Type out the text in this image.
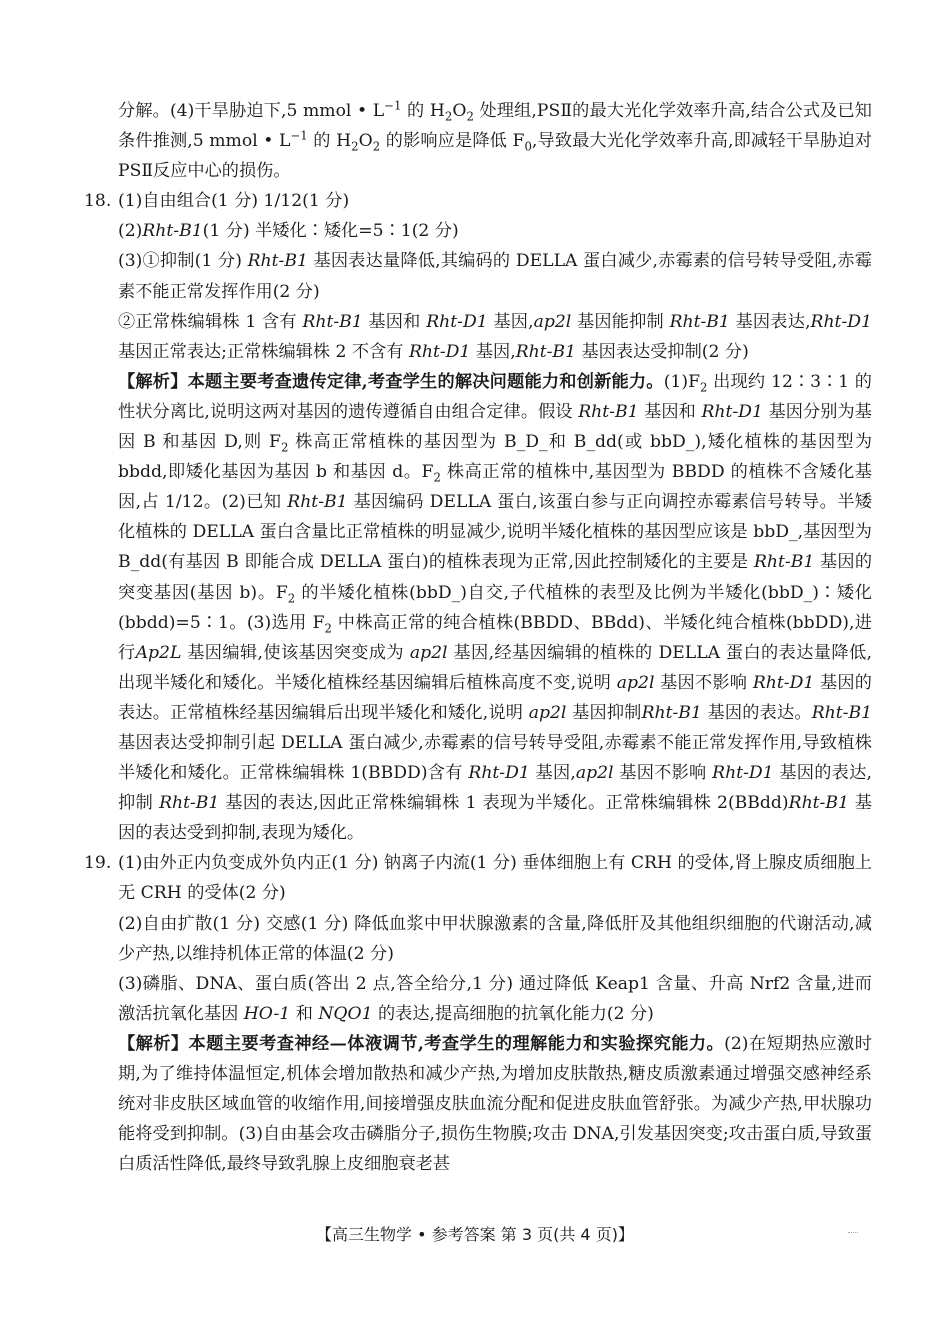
分解。(4)干旱胁迫下,5 mmol • $L^{-1}$ 的 $H_2O_2$ 处理组,PSⅡ的最大光化学效率升高,结合公式及已知条件推测,5 mmol • $L^{-1}$ 的 $H_2O_2$ 的影响应是降低 $F_0$,导致最大光化学效率升高,即减轻干旱胁迫对 PSⅡ反应中心的损伤。

18. (1)自由组合(1 分) 1/12(1 分)

(2)Rht-B1(1 分) 半矮化∶矮化=5∶1(2 分)

(3)①抑制(1 分) Rht-B1 基因表达量降低,其编码的 DELLA 蛋白减少,赤霉素的信号转导受阻,赤霉素不能正常发挥作用(2 分)

②正常株编辑株 1 含有 Rht-B1 基因和 Rht-D1 基因,ap2l 基因能抑制 Rht-B1 基因表达,Rht-D1 基因正常表达;正常株编辑株 2 不含有 Rht-D1 基因,Rht-B1 基因表达受抑制(2 分)

【解析】本题主要考查遗传定律,考查学生的解决问题能力和创新能力。$(1)F_2$ 出现约 12∶3∶1 的性状分离比,说明这两对基因的遗传遵循自由组合定律。假设 Rht-B1 基因和 Rht-D1 基因分别为基因 B 和基因 D,则 $F_2$ 株高正常植株的基因型为 B_D_和 B_dd(或 bbD_),矮化植株的基因型为 bbdd,即矮化基因为基因 b 和基因 d。$F_2$ 株高正常的植株中,基因型为 BBDD 的植株不含矮化基因,占 1/12。(2)已知 Rht-B1 基因编码 DELLA 蛋白,该蛋白参与正向调控赤霉素信号转导。半矮化植株的 DELLA 蛋白含量比正常植株的明显减少,说明半矮化植株的基因型应该是 bbD_,基因型为 B_dd(有基因 B 即能合成 DELLA 蛋白)的植株表现为正常,因此控制矮化的主要是 Rht-B1 基因的突变基因(基因 b)。$F_2$ 的半矮化植株(bbD_)自交,子代植株的表型及比例为半矮化(bbD_)∶矮化(bbdd)=5∶1。(3)选用 $F_2$ 中株高正常的纯合植株(BBDD、BBdd)、半矮化纯合植株(bbDD),进行Ap2L 基因编辑,使该基因突变成为 ap2l 基因,经基因编辑的植株的 DELLA 蛋白的表达量降低,出现半矮化和矮化。半矮化植株经基因编辑后植株高度不变,说明 ap2l 基因不影响 Rht-D1 基因的表达。正常植株经基因编辑后出现半矮化和矮化,说明 ap2l 基因抑制Rht-B1 基因的表达。Rht-B1 基因表达受抑制引起 DELLA 蛋白减少,赤霉素的信号转导受阻,赤霉素不能正常发挥作用,导致植株半矮化和矮化。正常株编辑株 1(BBDD)含有 Rht-D1 基因,ap2l 基因不影响 Rht-D1 基因的表达,抑制 Rht-B1 基因的表达,因此正常株编辑株 1 表现为半矮化。正常株编辑株 2(BBdd)Rht-B1 基因的表达受到抑制,表现为矮化。

19. (1)由外正内负变成外负内正(1 分) 钠离子内流(1 分) 垂体细胞上有 CRH 的受体,肾上腺皮质细胞上无 CRH 的受体(2 分)

(2)自由扩散(1 分) 交感(1 分) 降低血浆中甲状腺激素的含量,降低肝及其他组织细胞的代谢活动,减少产热,以维持机体正常的体温(2 分)

(3)磷脂、DNA、蛋白质(答出 2 点,答全给分,1 分) 通过降低 Keap1 含量、升高 Nrf2 含量,进而激活抗氧化基因 HO-1 和 NQO1 的表达,提高细胞的抗氧化能力(2 分)

【解析】本题主要考查神经—体液调节,考查学生的理解能力和实验探究能力。(2)在短期热应激时期,为了维持体温恒定,机体会增加散热和减少产热,为增加皮肤散热,糖皮质激素通过增强交感神经系统对非皮肤区域血管的收缩作用,间接增强皮肤血流分配和促进皮肤血管舒张。为减少产热,甲状腺功能将受到抑制。(3)自由基会攻击磷脂分子,损伤生物膜;攻击 DNA,引发基因突变;攻击蛋白质,导致蛋白质活性降低,最终导致乳腺上皮细胞衰老甚

【高三生物学 • 参考答案 第 3 页(共 4 页)】
